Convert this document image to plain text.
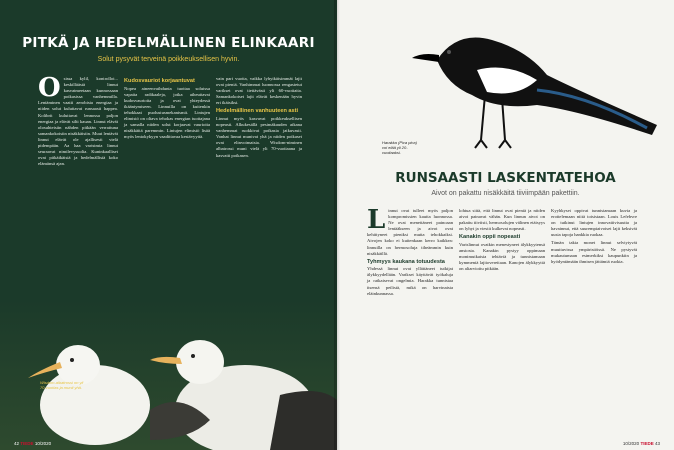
PITKÄ JA HEDELMÄLLINEN ELINKAARI
Solut pysyvät terveinä poikkeuksellisen hyvin.
O sissa kylil, kontrolloi... keskilläästä linnut kasvatmeetaan kunnossaan poikasissa vanhemmilla. Lentäminen vaatii aerobista energiaa ja niiden solut kuluttavat runsaasti happea. Kolibrit kuluttavat lennossa paljon energiaa ja elävät silti kauan. Linnut elävät olosuhteisiin nähden pitkään verrattuna samankokoisiin nisäkkäisiin. Muut lentävät linnut elävät ole ajallisesti vielä pidempään. Aa haa varistmia linnut seuraavat nimilevysuolia. Kuninkaalliset ovat pitkäikäisiä ja hedelmällisiä koko elämänsä ajan.

Kudosvauriot korjaantuvat

Nopea aineenvaihdunta tuottaa soluissa vapaita radikaaleja, jotka aiheuttavat kudosvaurioita ja ovat yhteydessä ikääntymiseen. Linnuilla on kuitenkin tehokkaat puolustusmekanismit. Lintujen elimistö on oltava tehokas energian tuottajana ja samalla niiden solut korjaavat vaurioita nisäkkäitä paremmin. Lintujen elimistö lisää myös lentokykyyn vaadittavaa kestävyyttä.

vain pari vuotta, vaikka lyhyikäisimmät lajit ovat pieniä. Vanhimmat luonnossa rengastetut varikset ovat tiettävästi yli 60-vuotiaita. Samankokoiset lajit elävät keskenään hyvin eri ikäisiksi.

Hedelmällinen vanhuuteen asti

Linnut myös kasvavat poikkeuksellisen nopeasti. Alkukesällä pesimäkauden aikana vanhemmat ruokkivat poikasia jatkuvasti. Vanhat linnut munivat yhä ja niiden poikaset ovat elinvoimaisia. Wisdom-niminen albatrossi muni vielä yli 70-vuotiaana ja kasvatti poikasen.

Wisdom-albatrossi on yli 70-vuotias ja munii yhä.
42 TIEDE 10/2020
Harakka (Pica pica) voi elää yli 20-vuotiaaksi.
RUNSAASTI LASKENTATEHOA
Aivot on pakattu nisäkkäitä tiiviimpään pakettiin.
L innut ovat tulleet myös paljon kompromissien kautta luonnossa. Ne ovat menettäneet painoaan lentääkseen ja aivot ovat kehittyneet pieniksi mutta tehokkaiksi. Aivojen koko ei kuitenkaan kerro kaikkea: linnuilla on hermosoluja tiheämmin kuin nisäkkäillä.

Tyhmyys kaukana totuudesta

Yhdessä linnut ovat yllättäneet tutkijat älykkyydellään. Varikset käyttävät työkaluja ja ratkaisevat ongelmia. Harakka tunnistaa itsensä peilistä, mikä on harvinaista eläinkunnassa.

lohtua siitä, että linnut ovat pieniä ja niiden aivot painavat vähän. Kun linnun aivot on pakattu tiiviisti, hermosolujen välinen etäisyys on lyhyt ja viestit kulkevat nopeasti.

Kanakin oppii nopeasti

Varislinnut ovatkin menestyneet älykkyytensä ansiosta. Kanakin pystyy oppimaan monimutkaisia tehtäviä ja tunnistamaan kymmeniä lajitovereitaan. Kanojen älykkyyttä on aliarvioitu pitkään.

Kyyhkyset oppivat tunnistamaan kuvia ja erottelemaan niitä toisistaan. Louis Lefebvre on tutkinut lintujen innovatiivisuutta ja havainnut, että suurempiaivoiset lajit keksivät uusia tapoja hankkia ruokaa.

Tämän takia monet linnut selviytyvät muuttuvissa ympäristöissä. Ne pystyvät mukautumaan esimerkiksi kaupunkiin ja hyödyntämään ihmisen jättämiä ruokia.

10/2020 TIEDE 43
